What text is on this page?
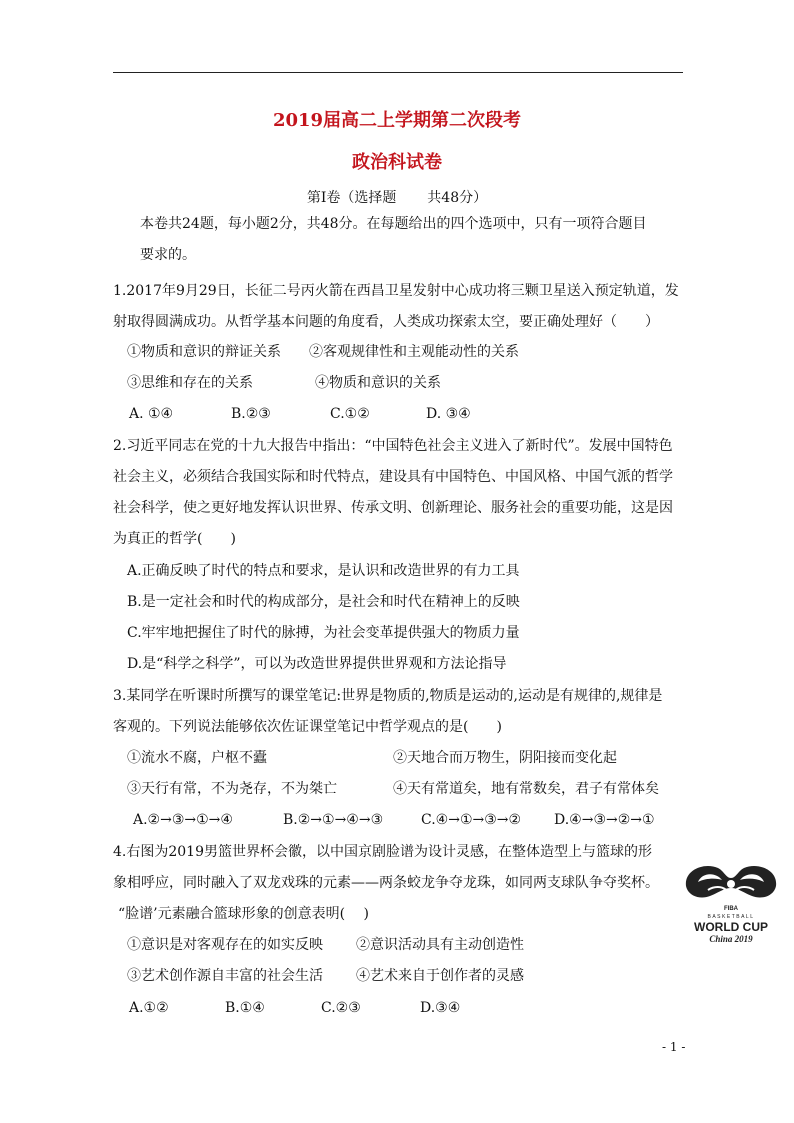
2019届高二上学期第二次段考
政治科试卷
第Ⅰ卷（选择题 共48分）
本卷共24题，每小题2分，共48分。在每题给出的四个选项中，只有一项符合题目
要求的。
1.2017年9月29日，长征二号丙火箭在西昌卫星发射中心成功将三颗卫星送入预定轨道，发
射取得圆满成功。从哲学基本问题的角度看，人类成功探索太空，要正确处理好（　　）
①物质和意识的辩证关系 ②客观规律性和主观能动性的关系
③思维和存在的关系	④物质和意识的关系
A. ①④	B.②③	C.①②	D. ③④
2.习近平同志在党的十九大报告中指出：“中国特色社会主义进入了新时代”。发展中国特色
社会主义，必须结合我国实际和时代特点，建设具有中国特色、中国风格、中国气派的哲学
社会科学，使之更好地发挥认识世界、传承文明、创新理论、服务社会的重要功能，这是因
为真正的哲学(　　)
A.正确反映了时代的特点和要求，是认识和改造世界的有力工具
B.是一定社会和时代的构成部分，是社会和时代在精神上的反映
C.牢牢地把握住了时代的脉搏，为社会变革提供强大的物质力量
D.是“科学之科学”，可以为改造世界提供世界观和方法论指导
3.某同学在听课时所撰写的课堂笔记:世界是物质的,物质是运动的,运动是有规律的,规律是
客观的。下列说法能够依次佐证课堂笔记中哲学观点的是(　　)
①流水不腐，户枢不蠹	②天地合而万物生，阴阳接而变化起
③天行有常，不为尧存，不为桀亡	④天有常道矣，地有常数矣，君子有常体矣
A.②→③→①→④	B.②→①→④→③	C.④→①→③→② D.④→③→②→①
4.右图为2019男篮世界杯会徽，以中国京剧脸谱为设计灵感，在整体造型上与篮球的形
象相呼应，同时融入了双龙戏珠的元素——两条蛟龙争夺龙珠，如同两支球队争夺奖杯。
“脸谱’元素融合篮球形象的创意表明(　 )
①意识是对客观存在的如实反映 ②意识活动具有主动创造性
③艺术创作源自丰富的社会生活 ④艺术来自于创作者的灵感
A.①②	B.①④	C.②③	D.③④
FIBA
BASKETBALL
WORLD CUP
China 2019
- 1 -
